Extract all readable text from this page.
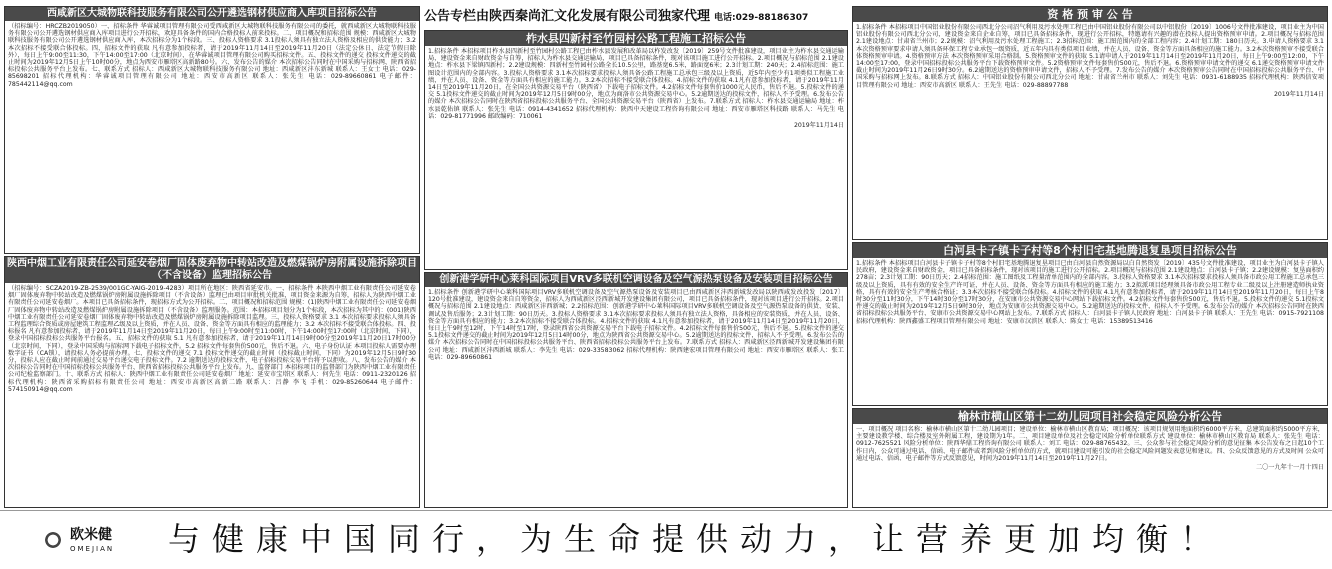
西咸新区大城物联科技服务有限公司公开遴选钢材供应商入库项目招标公告
（招标编号：HRCZB2019050）一、招标条件 华睿诚项目管理有限公司受西咸新区大城物联科技服务有限公司的委托，就西咸新区大城物联科技服务有限公司公开遴选钢材供应商入库项目进行公开招标，欢迎具备条件的国内合格投标人前来投标。二、项目概况和招标范围 规模：西咸新区大城物联科技服务有限公司公开遴选钢材供应商入库，本次招标分为1个标段。三、投标人资格要求 3.1投标人须具有独立法人资格及相应的供货能力；3.2 本次招标不接受联合体投标。四、招标文件的获取 凡有意参加投标者，请于2019年11月14日至2019年11月20日（法定公休日、法定节假日除外），每日上午9:00至11:30，下午14:00至17:00（北京时间），在华睿诚项目管理有限公司购买招标文件。五、投标文件的递交 投标文件递交的截止时间为2019年12月5日上午10时00分，地点为西安市雁塔区高新路80号。六、发布公告的媒介 本次招标公告同时在中国采购与招标网、陕西省招标投标公共服务平台上发布。七、联系方式 招标人：西咸新区大城物联科技服务有限公司 地址：西咸新区沣东新城 联系人：王女士 电话：029-85698201 招标代理机构：华睿诚项目管理有限公司 地址：西安市高新区 联系人：张先生 电话：029-89660861 电子邮件：785442114@qq.com
陕西中烟工业有限责任公司延安卷烟厂固体废弃物中转站改造及燃煤锅炉房附属设施拆除项目（不含设备）监理招标公告
（招标编号：SCZA2019-ZB-2539/001GC-YAIG-2019-4283）项目所在地区：陕西省延安市。一、招标条件 本陕西中烟工业有限责任公司延安卷烟厂固体废弃物中转站改造及燃煤锅炉房附属设施拆除项目（不含设备）监理已由项目审批机关批准，项目资金来源为自筹，招标人为陕西中烟工业有限责任公司延安卷烟厂。本项目已具备招标条件，现招标方式为公开招标。二、项目概况和招标范围 规模：(1)陕西中烟工业有限责任公司延安卷烟厂固体废弃物中转站改造及燃煤锅炉房附属设施拆除项目（不含设备）监理服务。范围：本招标项目划分为1个标段，本次招标为其中的：(001)陕西中烟工业有限责任公司延安卷烟厂固体废弃物中转站改造及燃煤锅炉房附属设施拆除项目监理。三、投标人资格要求 3.1 本次招标要求投标人须具备工程监理综合资质或房屋建筑工程监理乙级及以上资质，并在人员、设备、资金等方面具有相应的监理能力；3.2 本次招标不接受联合体投标。四、投标报名 凡有意参加投标者，请于2019年11月14日至2019年11月20日，每日上午9:00时至11:00时，下午14:00时至17:00时（北京时间，下同），登录中国招标投标公共服务平台报名。五、招标文件的获取 5.1 凡有意参加投标者，请于2019年11月14日9时00分至2019年11月20日17时00分（北京时间，下同），登录中国采购与招标网下载电子招标文件。5.2 招标文件每套售价500元，售后不退。六、电子身份认证 本项目投标人需要办理数字证书（CA锁），请投标人务必提前办理。七、投标文件的递交 7.1 投标文件递交的截止时间（投标截止时间，下同）为2019年12月5日9时30分，投标人应在截止时间前通过交易平台递交电子投标文件。7.2 逾期送达的投标文件，电子招标投标交易平台将予以拒收。八、发布公告的媒介 本次招标公告同时在中国招标投标公共服务平台、陕西省招标投标公共服务平台上发布。九、监督部门 本招标项目的监督部门为陕西中烟工业有限责任公司纪检监察部门。十、联系方式 招标人：陕西中烟工业有限责任公司延安卷烟厂 地址：延安市宝塔区 联系人：何先生 电话：0911-2320126 招标代理机构：陕西省采购招标有限责任公司 地址：西安市高新区高新二路 联系人：吕静 李飞 手机：029-85260644 电子邮件：574150914@qq.com
公告专栏由陕西秦尚汇文化发展有限公司独家代理 电话:029-88186307
柞水县四新村至竹园村公路工程施工招标公告
1.招标条件 本招标项目柞水县四新村至竹园村公路工程已由柞水县发展和改革局以柞发改发〔2019〕259号文件批准建设，项目业主为柞水县交通运输局，建设资金来自财政资金与自筹，招标人为柞水县交通运输局，项目已具备招标条件，现对该项目施工进行公开招标。2.项目概况与招标范围 2.1建设地点：柞水县下梁镇四新村；2.2建设规模：四新村至竹园村公路全长10.5公里，路基宽6.5米，路面宽6米；2.3计划工期：240天；2.4招标范围：施工图设计范围内的全部内容。3.投标人资格要求 3.1本次招标要求投标人须具备公路工程施工总承包三级及以上资质，近5年内至少有1项类似工程施工业绩，并在人员、设备、资金等方面具有相应的施工能力。3.2本次招标不接受联合体投标。4.招标文件的获取 4.1凡有意参加投标者，请于2019年11月14日至2019年11月20日，在全国公共资源交易平台（陕西省）下载电子招标文件。4.2招标文件每套售价1000元人民币，售后不退。5.投标文件的递交 5.1投标文件递交的截止时间为2019年12月5日9时00分，地点为商洛市公共资源交易中心。5.2逾期送达的投标文件，招标人不予受理。6.发布公告的媒介 本次招标公告同时在陕西省招标投标公共服务平台、全国公共资源交易平台（陕西省）上发布。7.联系方式 招标人：柞水县交通运输局 地址：柞水县乾佑镇 联系人：张先生 电话：0914-4341652 招标代理机构：陕西中天建设工程咨询有限公司 地址：西安市雁塔区科技路 联系人：马先生 电话：029-81771996 邮政编码：710061
2019年11月14日
创新港学研中心莱科国际项目VRV多联机空调设备及空气源热泵设备及安装项目招标公告
1.招标条件 创新港学研中心莱科国际项目VRV多联机空调设备及空气源热泵设备及安装项目已由西咸新区沣西新城发改局以陕西咸发改投发〔2017〕120号批准建设，建设资金来自自筹资金，招标人为西咸新区泾西新城开发建设集团有限公司，项目已具备招标条件，现对该项目进行公开招标。2.项目概况与招标范围 2.1建设地点：西咸新区沣西新城；2.2招标范围：创新港学研中心莱科国际项目VRV多联机空调设备及空气源热泵设备的供货、安装、调试及售后服务；2.3计划工期：90日历天。3.投标人资格要求 3.1本次招标要求投标人须具有独立法人资格，具备相应的安装资质，并在人员、设备、资金等方面具有相应的能力；3.2本次招标不接受联合体投标。4.招标文件的获取 4.1凡有意参加投标者，请于2019年11月14日至2019年11月20日，每日上午9时至12时，下午14时至17时，登录陕西省公共资源交易平台下载电子招标文件。4.2招标文件每套售价500元，售后不退。5.投标文件的递交 5.1投标文件递交的截止时间为2019年12月5日14时00分，地点为陕西省公共资源交易中心。5.2逾期送达的投标文件，招标人不予受理。6.发布公告的媒介 本次招标公告同时在中国招标投标公共服务平台、陕西省招标投标公共服务平台上发布。7.联系方式 招标人：西咸新区泾西新城开发建设集团有限公司 地址：西咸新区沣西新城 联系人：李先生 电话：029-33583062 招标代理机构：陕西建宏项目管理有限公司 地址：西安市雁塔区 联系人：张工 电话：029-89660861
资 格 预 审 公 告
1.招标条件 本招标项目中国铝业股份有限公司西北分公司沼气利用及污水处理工程已由中国铝业股份有限公司以中铝股份〔2019〕1006号文件批准建设，项目业主为中国铝业股份有限公司西北分公司，建设资金来自企业自筹，项目已具备招标条件，现进行公开招标，特邀请有兴趣的潜在投标人提出资格预审申请。2.项目概况与招标范围 2.1建设地点：甘肃省兰州市；2.2规模：沼气利用及污水处理工程施工；2.3招标范围：施工图范围内的全部工程内容；2.4计划工期：180日历天。3.申请人资格要求 3.1本次资格预审要求申请人须具备环保工程专业承包一级资质，近五年内具有类似项目业绩，并在人员、设备、资金等方面具备相应的施工能力。3.2本次资格预审不接受联合体资格预审申请。4.资格预审方法 本次资格预审采用合格制。5.资格预审文件的获取 5.1请申请人于2019年11月14日至2019年11月20日，每日上午9:00至12:00，下午14:00至17:00，登录中国招标投标公共服务平台下载资格预审文件。5.2资格预审文件每套售价500元，售后不退。6.资格预审申请文件的递交 6.1递交资格预审申请文件截止时间为2019年11月26日9时30分。6.2逾期送达的资格预审申请文件，招标人不予受理。7.发布公告的媒介 本次资格预审公告同时在中国招标投标公共服务平台、中国采购与招标网上发布。8.联系方式 招标人：中国铝业股份有限公司西北分公司 地址：甘肃省兰州市 联系人：刘先生 电话：0931-6188935 招标代理机构：陕西信安项目管理有限公司 地址：西安市高新区 联系人：王先生 电话：029-88897788
2019年11月14日
白河县卡子镇卡子村等8个村旧宅基地腾退复垦项目招标公告
1.招标条件 本招标项目白河县卡子镇卡子村等8个村旧宅基地腾退复垦项目已由白河县自然资源局以白自然资发〔2019〕435号文件批准建设，项目业主为白河县卡子镇人民政府，建设资金来自财政资金，项目已具备招标条件，现对该项目的施工进行公开招标。2.项目概况与招标范围 2.1建设地点：白河县卡子镇；2.2建设规模：复垦面积约278亩；2.3计划工期：90日历天；2.4招标范围：施工图纸及工程量清单范围内的全部内容。3.投标人资格要求 3.1本次招标要求投标人须具备市政公用工程施工总承包三级及以上资质，具有有效的安全生产许可证，并在人员、设备、资金等方面具有相应的施工能力；3.2拟派项目经理须具备市政公用工程专业二级及以上注册建造师执业资格，具有有效的安全生产考核合格证；3.3本次招标不接受联合体投标。4.招标文件的获取 4.1凡有意参加投标者，请于2019年11月14日至2019年11月20日，每日上午8时30分至11时30分，下午14时30分至17时30分，在安康市公共资源交易中心网站下载招标文件。4.2招标文件每套售价500元，售后不退。5.投标文件的递交 5.1投标文件递交的截止时间为2019年12月5日9时30分，地点为安康市公共资源交易中心。5.2逾期送达的投标文件，招标人不予受理。6.发布公告的媒介 本次招标公告同时在陕西省招标投标公共服务平台、安康市公共资源交易中心网站上发布。7.联系方式 招标人：白河县卡子镇人民政府 地址：白河县卡子镇 联系人：王先生 电话：0915-7921108 招标代理机构：陕西鑫盛工程项目管理有限公司 地址：安康市汉滨区 联系人：陈女士 电话：15389513416
榆林市横山区第十二幼儿园项目社会稳定风险分析公告
一、项目概况 项目名称：榆林市横山区第十二幼儿园项目；建设单位：榆林市横山区教育局；项目概况：该项目规划用地面积约6000平方米，总建筑面积约5000平方米，主要建设教学楼、综合楼及室外附属工程，建设期为1年。二、项目建设单位及社会稳定风险分析单位联系方式 建设单位：榆林市横山区教育局 联系人：张先生 电话：0912-7625521 风险分析单位：陕西华鼎工程咨询有限公司 联系人：刘工 电话：029-88765432。三、公众参与社会稳定风险分析的意见征集 本公告发布之日起10个工作日内，公众可通过电话、信函、电子邮件或者到风险分析单位的方式，就项目建设可能引发的社会稳定风险问题发表意见和建议。四、公众反馈意见的方式及时间 公众可通过电话、信函、电子邮件等方式反馈意见，时间为2019年11月14日至2019年11月27日。
二〇一九年十一月十四日
欧米健
OMEJIAN 与健康中国同行，为生命提供动力，让营养更加均衡！
